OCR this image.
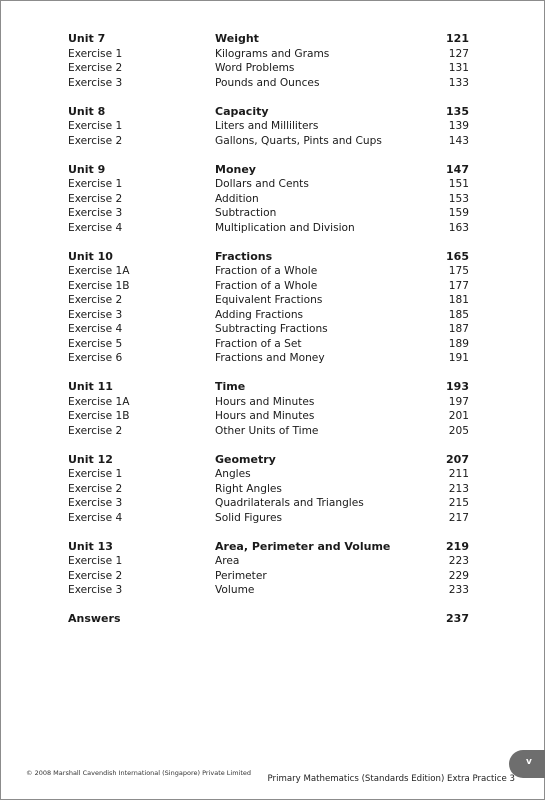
Unit 7	Weight	121
Exercise 1	Kilograms and Grams	127
Exercise 2	Word Problems	131
Exercise 3	Pounds and Ounces	133
Unit 8	Capacity	135
Exercise 1	Liters and Milliliters	139
Exercise 2	Gallons, Quarts, Pints and Cups	143
Unit 9	Money	147
Exercise 1	Dollars and Cents	151
Exercise 2	Addition	153
Exercise 3	Subtraction	159
Exercise 4	Multiplication and Division	163
Unit 10	Fractions	165
Exercise 1A	Fraction of a Whole	175
Exercise 1B	Fraction of a Whole	177
Exercise 2	Equivalent Fractions	181
Exercise 3	Adding Fractions	185
Exercise 4	Subtracting Fractions	187
Exercise 5	Fraction of a Set	189
Exercise 6	Fractions and Money	191
Unit 11	Time	193
Exercise 1A	Hours and Minutes	197
Exercise 1B	Hours and Minutes	201
Exercise 2	Other Units of Time	205
Unit 12	Geometry	207
Exercise 1	Angles	211
Exercise 2	Right Angles	213
Exercise 3	Quadrilaterals and Triangles	215
Exercise 4	Solid Figures	217
Unit 13	Area, Perimeter and Volume	219
Exercise 1	Area	223
Exercise 2	Perimeter	229
Exercise 3	Volume	233
Answers	237
© 2008 Marshall Cavendish International (Singapore) Private Limited
Primary Mathematics (Standards Edition) Extra Practice 3
v
